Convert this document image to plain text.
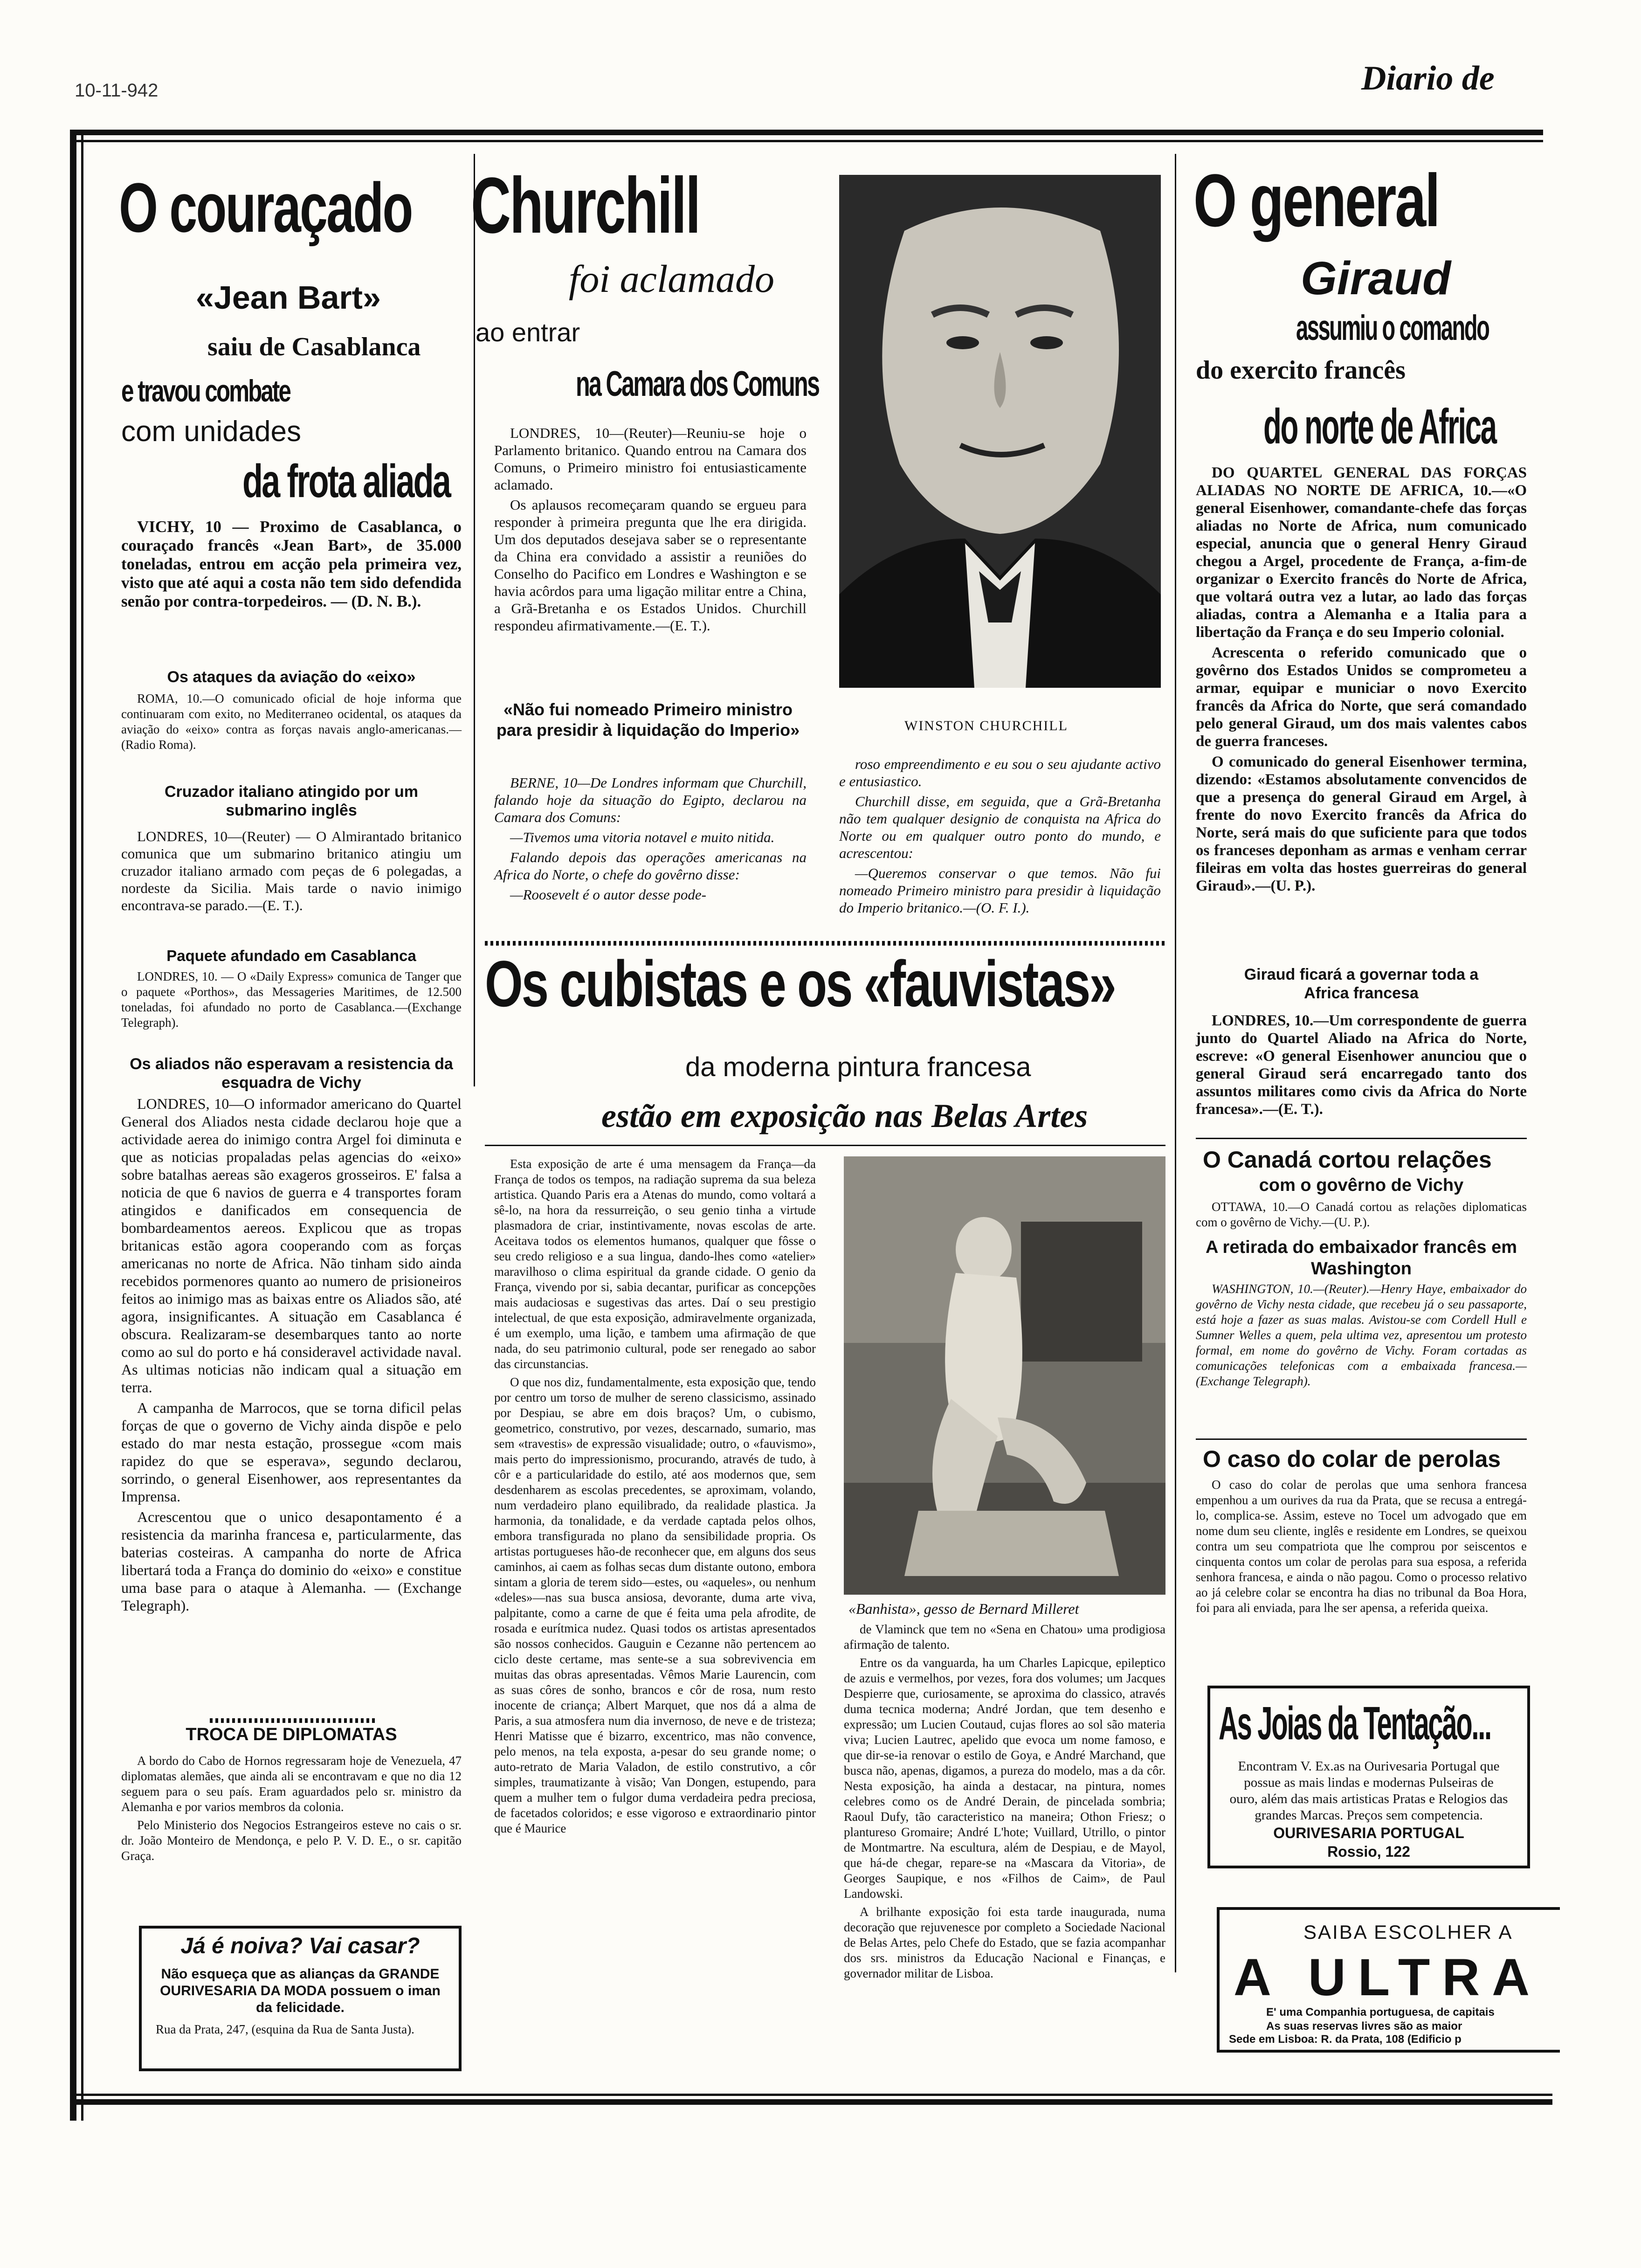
10-11-942	Diario de
O couraçado
«Jean Bart»
saiu de Casablanca
e travou combate
com unidades
da frota aliada

VICHY, 10 — Proximo de Casablanca, o couraçado francês «Jean Bart», de 35.000 toneladas, entrou em acção pela primeira vez, visto que até aqui a costa não tem sido defendida senão por contra-torpedeiros. — (D. N. B.).

Os ataques da aviação do «eixo»

ROMA, 10.—O comunicado oficial de hoje informa que continuaram com exito, no Mediterraneo ocidental, os ataques da aviação do «eixo» contra as forças navais anglo-americanas.—(Radio Roma).

Cruzador italiano atingido por um submarino inglês

LONDRES, 10—(Reuter) — O Almirantado britanico comunica que um submarino britanico atingiu um cruzador italiano armado com peças de 6 polegadas, a nordeste da Sicilia. Mais tarde o navio inimigo encontrava-se parado.—(E. T.).

Paquete afundado em Casablanca

LONDRES, 10. — O «Daily Express» comunica de Tanger que o paquete «Porthos», das Messageries Maritimes, de 12.500 toneladas, foi afundado no porto de Casablanca.—(Exchange Telegraph).

Os aliados não esperavam a resistencia da esquadra de Vichy

LONDRES, 10—O informador americano do Quartel General dos Aliados nesta cidade declarou hoje que a actividade aerea do inimigo contra Argel foi diminuta e que as noticias propaladas pelas agencias do «eixo» sobre batalhas aereas são exageros grosseiros. E' falsa a noticia de que 6 navios de guerra e 4 transportes foram atingidos e danificados em consequencia de bombardeamentos aereos. Explicou que as tropas britanicas estão agora cooperando com as forças americanas no norte de Africa. Não tinham sido ainda recebidos pormenores quanto ao numero de prisioneiros feitos ao inimigo mas as baixas entre os Aliados são, até agora, insignificantes. A situação em Casablanca é obscura. Realizaram-se desembarques tanto ao norte como ao sul do porto e há consideravel actividade naval. As ultimas noticias não indicam qual a situação em terra.

A campanha de Marrocos, que se torna dificil pelas forças de que o governo de Vichy ainda dispõe e pelo estado do mar nesta estação, prossegue «com mais rapidez do que se esperava», segundo declarou, sorrindo, o general Eisenhower, aos representantes da Imprensa.

Acrescentou que o unico desapontamento é a resistencia da marinha francesa e, particularmente, das baterias costeiras. A campanha do norte de Africa libertará toda a França do dominio do «eixo» e constitue uma base para o ataque à Alemanha. — (Exchange Telegraph).

TROCA DE DIPLOMATAS

A bordo do Cabo de Hornos regressaram hoje de Venezuela, 47 diplomatas alemães, que ainda ali se encontravam e que no dia 12 seguem para o seu país. Eram aguardados pelo sr. ministro da Alemanha e por varios membros da colonia.

Pelo Ministerio dos Negocios Estrangeiros esteve no cais o sr. dr. João Monteiro de Mendonça, e pelo P. V. D. E., o sr. capitão Graça.

Já é noiva? Vai casar?
Não esqueça que as alianças da GRANDE OURIVESARIA DA MODA possuem o iman da felicidade.
Rua da Prata, 247, (esquina da Rua de Santa Justa).
Churchill
foi aclamado
ao entrar
na Camara dos Comuns

LONDRES, 10—(Reuter)—Reuniu-se hoje o Parlamento britanico. Quando entrou na Camara dos Comuns, o Primeiro ministro foi entusiasticamente aclamado.

Os aplausos recomeçaram quando se ergueu para responder à primeira pregunta que lhe era dirigida. Um dos deputados desejava saber se o representante da China era convidado a assistir a reuniões do Conselho do Pacifico em Londres e Washington e se havia acôrdos para uma ligação militar entre a China, a Grã-Bretanha e os Estados Unidos. Churchill respondeu afirmativamente.—(E. T.).

«Não fui nomeado Primeiro ministro para presidir à liquidação do Imperio»

BERNE, 10—De Londres informam que Churchill, falando hoje da situação do Egipto, declarou na Camara dos Comuns:

—Tivemos uma vitoria notavel e muito nitida.

Falando depois das operações americanas na Africa do Norte, o chefe do govêrno disse:

—Roosevelt é o autor desse pode-

WINSTON CHURCHILL

roso empreendimento e eu sou o seu ajudante activo e entusiastico.

Churchill disse, em seguida, que a Grã-Bretanha não tem qualquer designio de conquista na Africa do Norte ou em qualquer outro ponto do mundo, e acrescentou:

—Queremos conservar o que temos. Não fui nomeado Primeiro ministro para presidir à liquidação do Imperio britanico.—(O. F. I.).

Os cubistas e os «fauvistas»
da moderna pintura francesa
estão em exposição nas Belas Artes

Esta exposição de arte é uma mensagem da França—da França de todos os tempos, na radiação suprema da sua beleza artistica. Quando Paris era a Atenas do mundo, como voltará a sê-lo, na hora da ressurreição, o seu genio tinha a virtude plasmadora de criar, instintivamente, novas escolas de arte. Aceitava todos os elementos humanos, qualquer que fôsse o seu credo religioso e a sua lingua, dando-lhes como «atelier» maravilhoso o clima espiritual da grande cidade. O genio da França, vivendo por si, sabia decantar, purificar as concepções mais audaciosas e sugestivas das artes. Daí o seu prestigio intelectual, de que esta exposição, admiravelmente organizada, é um exemplo, uma lição, e tambem uma afirmação de que nada, do seu patrimonio cultural, pode ser renegado ao sabor das circunstancias.

O que nos diz, fundamentalmente, esta exposição que, tendo por centro um torso de mulher de sereno classicismo, assinado por Despiau, se abre em dois braços? Um, o cubismo, geometrico, construtivo, por vezes, descarnado, sumario, mas sem «travestis» de expressão visualidade; outro, o «fauvismo», mais perto do impressionismo, procurando, através de tudo, à côr e a particularidade do estilo, até aos modernos que, sem desdenharem as escolas precedentes, se aproximam, volando, num verdadeiro plano equilibrado, da realidade plastica. Ja harmonia, da tonalidade, e da verdade captada pelos olhos, embora transfigurada no plano da sensibilidade propria. Os artistas portugueses hão-de reconhecer que, em alguns dos seus caminhos, ai caem as folhas secas dum distante outono, embora sintam a gloria de terem sido—estes, ou «aqueles», ou nenhum «deles»—nas sua busca ansiosa, devorante, duma arte viva, palpitante, como a carne de que é feita uma pela afrodite, de rosada e eurítmica nudez. Quasi todos os artistas apresentados são nossos conhecidos. Gauguin e Cezanne não pertencem ao ciclo deste certame, mas sente-se a sua sobrevivencia em muitas das obras apresentadas. Vêmos Marie Laurencin, com as suas côres de sonho, brancos e côr de rosa, num resto inocente de criança; Albert Marquet, que nos dá a alma de Paris, a sua atmosfera num dia invernoso, de neve e de tristeza; Henri Matisse que é bizarro, excentrico, mas não convence, pelo menos, na tela exposta, a-pesar do seu grande nome; o auto-retrato de Maria Valadon, de estilo construtivo, a côr simples, traumatizante à visão; Van Dongen, estupendo, para quem a mulher tem o fulgor duma verdadeira pedra preciosa, de facetados coloridos; e esse vigoroso e extraordinario pintor que é Maurice

«Banhista», gesso de Bernard Milleret

de Vlaminck que tem no «Sena en Chatou» uma prodigiosa afirmação de talento.

Entre os da vanguarda, ha um Charles Lapicque, epileptico de azuis e vermelhos, por vezes, fora dos volumes; um Jacques Despierre que, curiosamente, se aproxima do classico, através duma tecnica moderna; André Jordan, que tem desenho e expressão; um Lucien Coutaud, cujas flores ao sol são materia viva; Lucien Lautrec, apelido que evoca um nome famoso, e que dir-se-ia renovar o estilo de Goya, e André Marchand, que busca não, apenas, digamos, a pureza do modelo, mas a da côr. Nesta exposição, ha ainda a destacar, na pintura, nomes celebres como os de André Derain, de pincelada sombria; Raoul Dufy, tão caracteristico na maneira; Othon Friesz; o plantureso Gromaire; André L'hote; Vuillard, Utrillo, o pintor de Montmartre. Na escultura, além de Despiau, e de Mayol, que há-de chegar, repare-se na «Mascara da Vitoria», de Georges Saupique, e nos «Filhos de Caim», de Paul Landowski.

A brilhante exposição foi esta tarde inaugurada, numa decoração que rejuvenesce por completo a Sociedade Nacional de Belas Artes, pelo Chefe do Estado, que se fazia acompanhar dos srs. ministros da Educação Nacional e Finanças, e governador militar de Lisboa.

O general
Giraud
assumiu o comando
do exercito francês
do norte de Africa

DO QUARTEL GENERAL DAS FORÇAS ALIADAS NO NORTE DE AFRICA, 10.—«O general Eisenhower, comandante-chefe das forças aliadas no Norte de Africa, num comunicado especial, anuncia que o general Henry Giraud chegou a Argel, procedente de França, a-fim-de organizar o Exercito francês do Norte de Africa, que voltará outra vez a lutar, ao lado das forças aliadas, contra a Alemanha e a Italia para a libertação da França e do seu Imperio colonial.

Acrescenta o referido comunicado que o govêrno dos Estados Unidos se comprometeu a armar, equipar e municiar o novo Exercito francês da Africa do Norte, que será comandado pelo general Giraud, um dos mais valentes cabos de guerra franceses.

O comunicado do general Eisenhower termina, dizendo: «Estamos absolutamente convencidos de que a presença do general Giraud em Argel, à frente do novo Exercito francês da Africa do Norte, será mais do que suficiente para que todos os franceses deponham as armas e venham cerrar fileiras em volta das hostes guerreiras do general Giraud».—(U. P.).

Giraud ficará a governar toda a Africa francesa

LONDRES, 10.—Um correspondente de guerra junto do Quartel Aliado na Africa do Norte, escreve: «O general Eisenhower anunciou que o general Giraud será encarregado tanto dos assuntos militares como civis da Africa do Norte francesa».—(E. T.).

O Canadá cortou relações
com o govêrno de Vichy

OTTAWA, 10.—O Canadá cortou as relações diplomaticas com o govêrno de Vichy.—(U. P.).

A retirada do embaixador francês em Washington

WASHINGTON, 10.—(Reuter).—Henry Haye, embaixador do govêrno de Vichy nesta cidade, que recebeu já o seu passaporte, está hoje a fazer as suas malas. Avistou-se com Cordell Hull e Sumner Welles a quem, pela ultima vez, apresentou um protesto formal, em nome do govêrno de Vichy. Foram cortadas as comunicações telefonicas com a embaixada francesa.—(Exchange Telegraph).

O caso do colar de perolas

O caso do colar de perolas que uma senhora francesa empenhou a um ourives da rua da Prata, que se recusa a entregá-lo, complica-se. Assim, esteve no Tocel um advogado que em nome dum seu cliente, inglês e residente em Londres, se queixou contra um seu compatriota que lhe comprou por seiscentos e cinquenta contos um colar de perolas para sua esposa, a referida senhora francesa, e ainda o não pagou. Como o processo relativo ao já celebre colar se encontra ha dias no tribunal da Boa Hora, foi para ali enviada, para lhe ser apensa, a referida queixa.

As Joias da Tentação...
Encontram V. Ex.as na Ourivesaria Portugal que possue as mais lindas e modernas Pulseiras de ouro, além das mais artisticas Pratas e Relogios das grandes Marcas. Preços sem competencia.
OURIVESARIA PORTUGAL
Rossio, 122
SAIBA ESCOLHER A
A ULTRA
E' uma Companhia portuguesa, de capitais
As suas reservas livres são as maior
Sede em Lisboa: R. da Prata, 108 (Edificio p
